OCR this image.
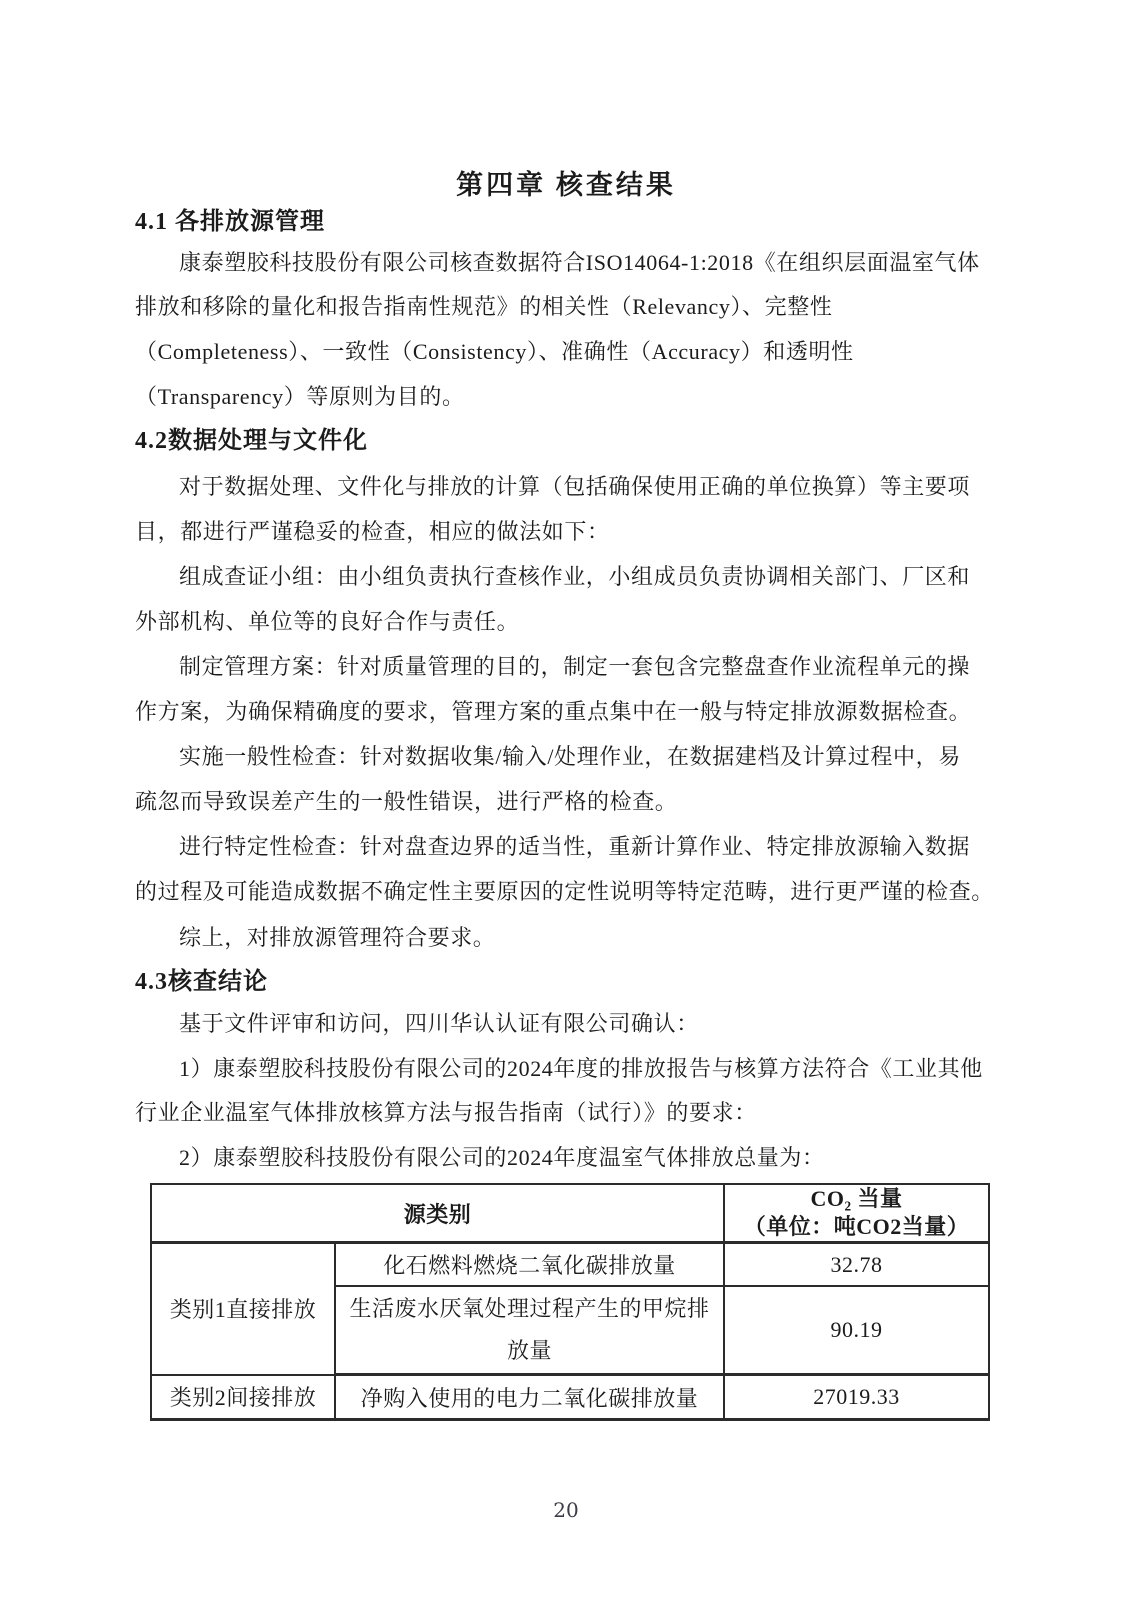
第四章 核查结果
4.1 各排放源管理
康泰塑胶科技股份有限公司核查数据符合ISO14064-1:2018《在组织层面温室气体
排放和移除的量化和报告指南性规范》的相关性（Relevancy）、完整性
（Completeness）、一致性（Consistency）、准确性（Accuracy）和透明性
（Transparency）等原则为目的。
4.2数据处理与文件化
对于数据处理、文件化与排放的计算（包括确保使用正确的单位换算）等主要项
目，都进行严谨稳妥的检查，相应的做法如下：
组成查证小组：由小组负责执行查核作业，小组成员负责协调相关部门、厂区和
外部机构、单位等的良好合作与责任。
制定管理方案：针对质量管理的目的，制定一套包含完整盘查作业流程单元的操
作方案，为确保精确度的要求，管理方案的重点集中在一般与特定排放源数据检查。
实施一般性检查：针对数据收集/输入/处理作业，在数据建档及计算过程中，易
疏忽而导致误差产生的一般性错误，进行严格的检查。
进行特定性检查：针对盘查边界的适当性，重新计算作业、特定排放源输入数据
的过程及可能造成数据不确定性主要原因的定性说明等特定范畴，进行更严谨的检查。
综上，对排放源管理符合要求。
4.3核查结论
基于文件评审和访问，四川华认认证有限公司确认：
1）康泰塑胶科技股份有限公司的2024年度的排放报告与核算方法符合《工业其他
行业企业温室气体排放核算方法与报告指南（试行）》的要求：
2）康泰塑胶科技股份有限公司的2024年度温室气体排放总量为：
源类别		CO₂ 当量
（单位：吨CO2当量）

类别1直接排放	化石燃料燃烧二氧化碳排放量	32.78
	生活废水厌氧处理过程产生的甲烷排放量	90.19
类别2间接排放	净购入使用的电力二氧化碳排放量	27019.33
20
